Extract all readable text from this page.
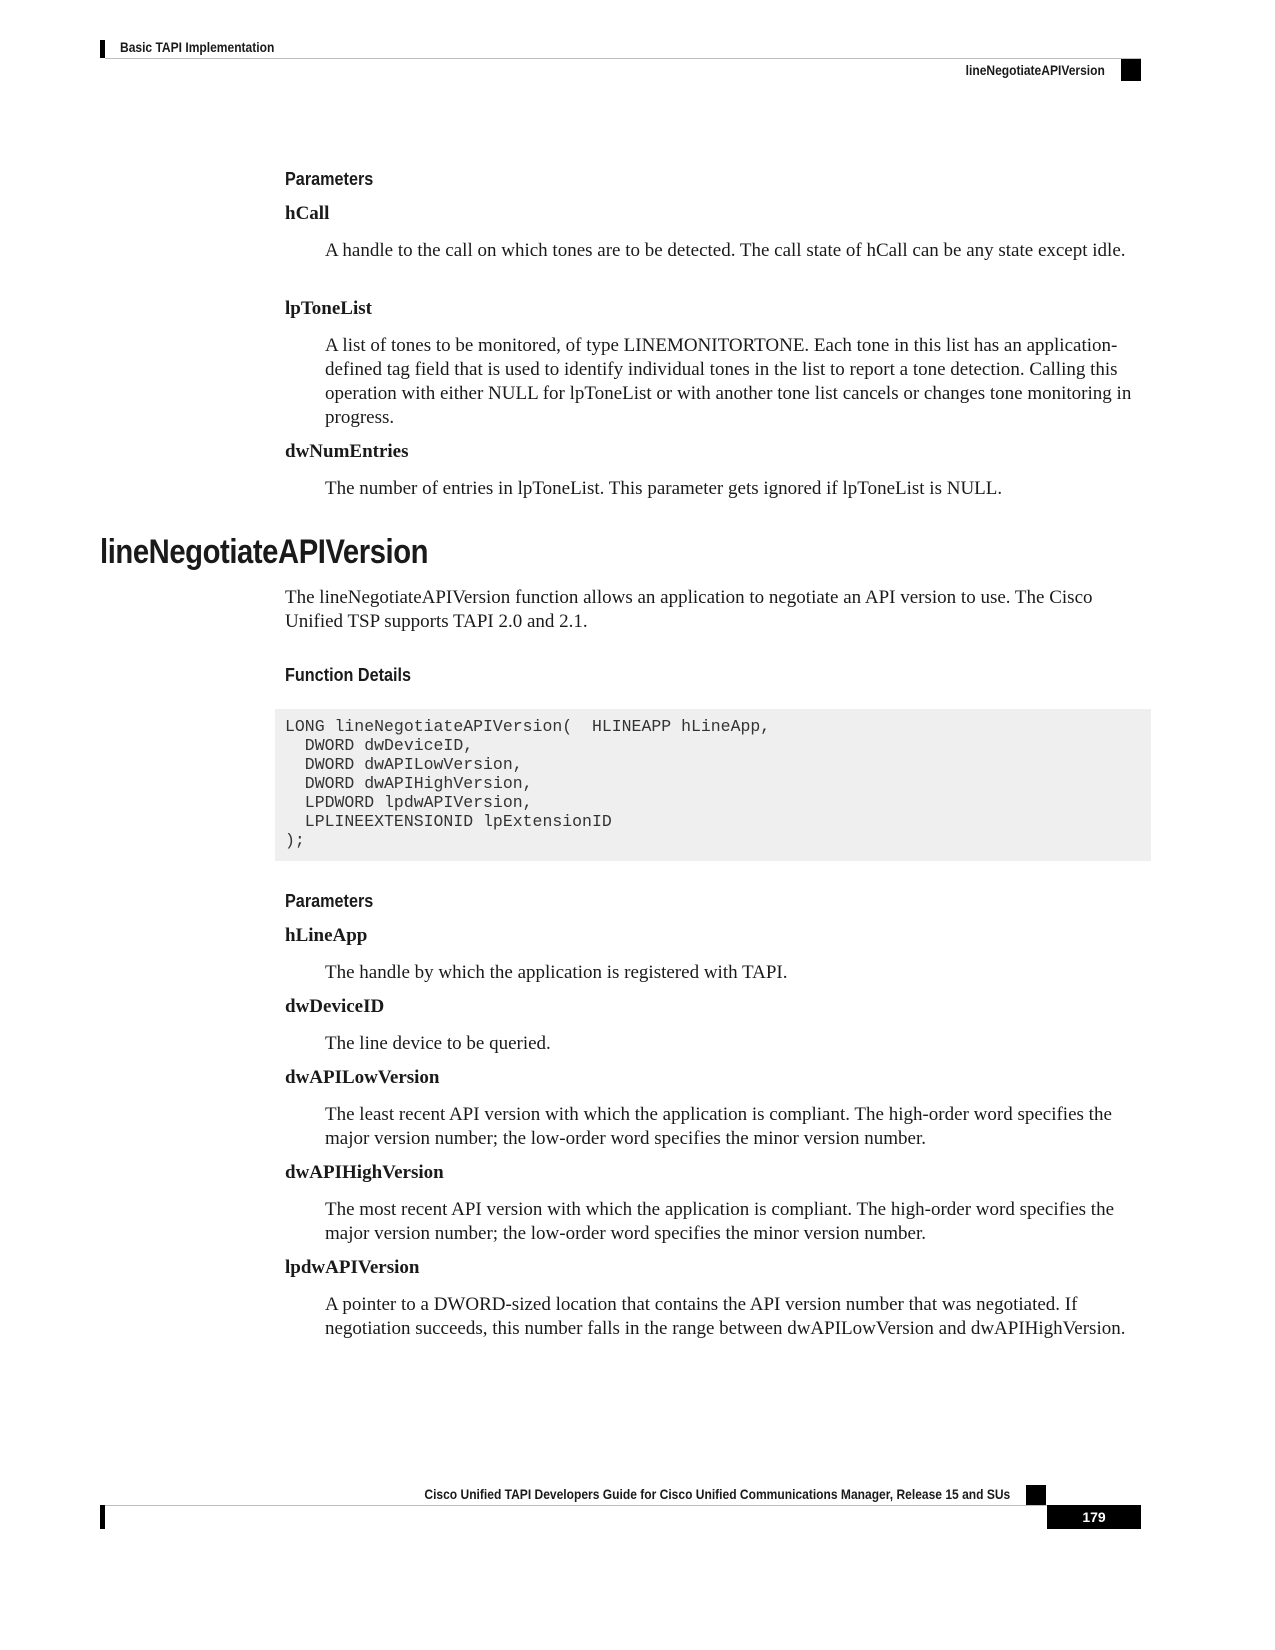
Basic TAPI Implementation
lineNegotiateAPIVersion
Parameters
hCall

A handle to the call on which tones are to be detected. The call state of hCall can be any state except idle.

lpToneList

A list of tones to be monitored, of type LINEMONITORTONE. Each tone in this list has an application-defined tag field that is used to identify individual tones in the list to report a tone detection. Calling this operation with either NULL for lpToneList or with another tone list cancels or changes tone monitoring in progress.

dwNumEntries

The number of entries in lpToneList. This parameter gets ignored if lpToneList is NULL.

lineNegotiateAPIVersion

The lineNegotiateAPIVersion function allows an application to negotiate an API version to use. The Cisco Unified TSP supports TAPI 2.0 and 2.1.

Function Details
LONG lineNegotiateAPIVersion(  HLINEAPP hLineApp,
DWORD dwDeviceID,
DWORD dwAPILowVersion,
DWORD dwAPIHighVersion,
LPDWORD lpdwAPIVersion,
LPLINEEXTENSIONID lpExtensionID
);
Parameters
hLineApp

The handle by which the application is registered with TAPI.

dwDeviceID

The line device to be queried.

dwAPILowVersion

The least recent API version with which the application is compliant. The high-order word specifies the major version number; the low-order word specifies the minor version number.

dwAPIHighVersion

The most recent API version with which the application is compliant. The high-order word specifies the major version number; the low-order word specifies the minor version number.

lpdwAPIVersion

A pointer to a DWORD-sized location that contains the API version number that was negotiated. If negotiation succeeds, this number falls in the range between dwAPILowVersion and dwAPIHighVersion.

Cisco Unified TAPI Developers Guide for Cisco Unified Communications Manager, Release 15 and SUs
179
